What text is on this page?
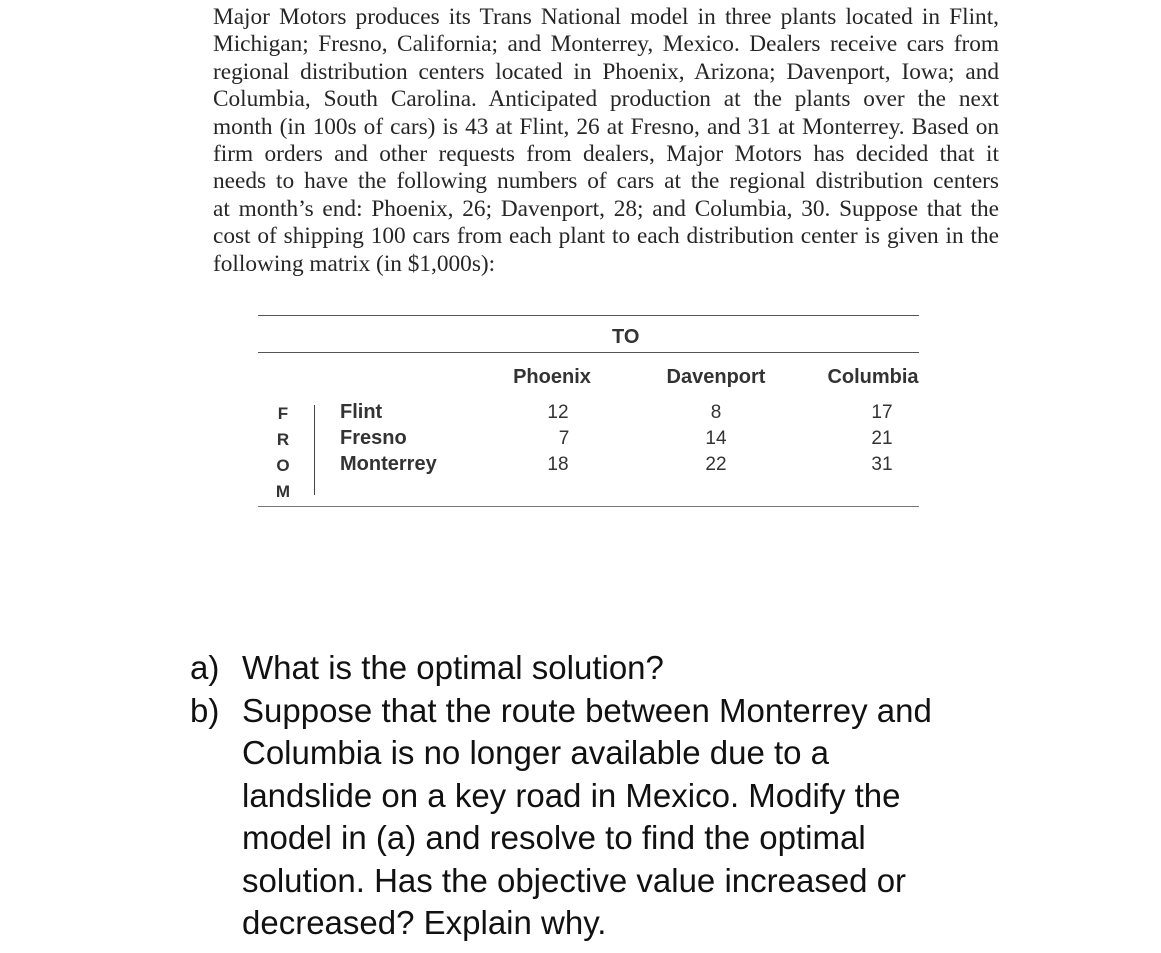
Major Motors produces its Trans National model in three plants located in Flint,
Michigan; Fresno, California; and Monterrey, Mexico. Dealers receive cars from
regional distribution centers located in Phoenix, Arizona; Davenport, Iowa; and
Columbia, South Carolina. Anticipated production at the plants over the next
month (in 100s of cars) is 43 at Flint, 26 at Fresno, and 31 at Monterrey. Based on
firm orders and other requests from dealers, Major Motors has decided that it
needs to have the following numbers of cars at the regional distribution centers
at month’s end: Phoenix, 26; Davenport, 28; and Columbia, 30. Suppose that the
cost of shipping 100 cars from each plant to each distribution center is given in the
following matrix (in $1,000s):
TO
Phoenix	Davenport	Columbia
F
R
O
M
Flint	12	8	17
Fresno	7	14	21
Monterrey	18	22	31
a) What is the optimal solution?
b) Suppose that the route between Monterrey and
Columbia is no longer available due to a
landslide on a key road in Mexico. Modify the
model in (a) and resolve to find the optimal
solution. Has the objective value increased or
decreased? Explain why.
